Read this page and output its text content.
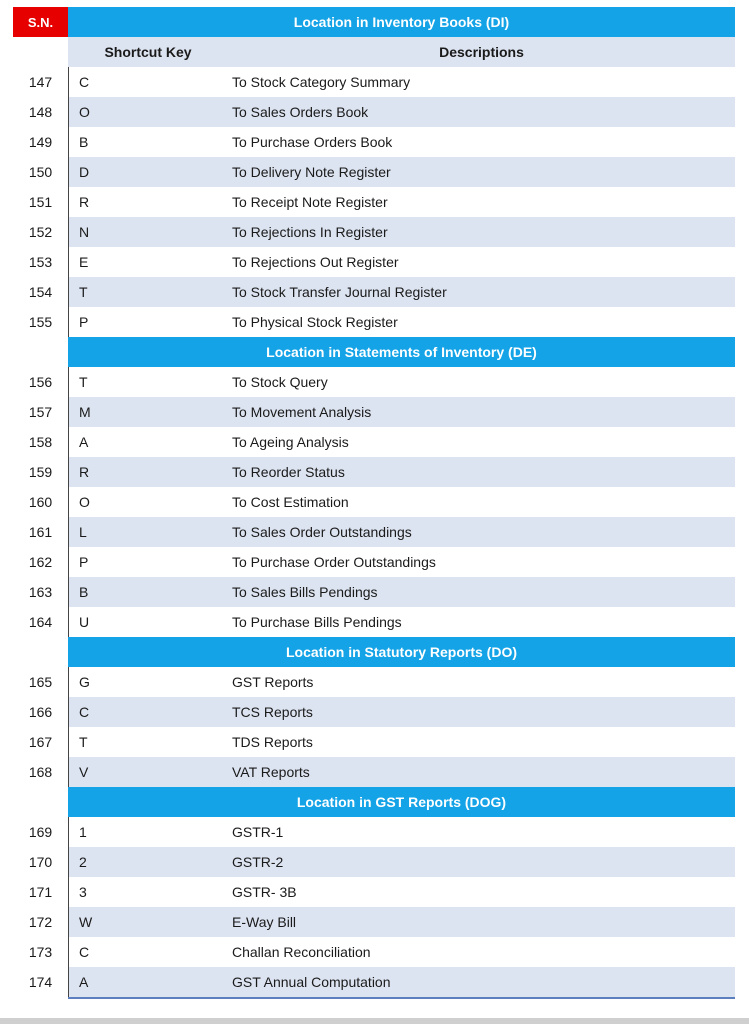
S.N.	Location in Inventory Books (DI)
Shortcut Key	Descriptions
147	C	To Stock Category Summary
148	O	To Sales Orders Book
149	B	To Purchase Orders Book
150	D	To Delivery Note Register
151	R	To Receipt Note Register
152	N	To Rejections In Register
153	E	To Rejections Out Register
154	T	To Stock Transfer Journal Register
155	P	To Physical Stock Register
Location in Statements of Inventory (DE)
156	T	To Stock Query
157	M	To Movement Analysis
158	A	To Ageing Analysis
159	R	To Reorder Status
160	O	To Cost Estimation
161	L	To Sales Order Outstandings
162	P	To Purchase Order Outstandings
163	B	To Sales Bills Pendings
164	U	To Purchase Bills Pendings
Location in Statutory Reports (DO)
165	G	GST Reports
166	C	TCS Reports
167	T	TDS Reports
168	V	VAT Reports
Location in GST Reports (DOG)
169	1	GSTR-1
170	2	GSTR-2
171	3	GSTR- 3B
172	W	E-Way Bill
173	C	Challan Reconciliation
174	A	GST Annual Computation
